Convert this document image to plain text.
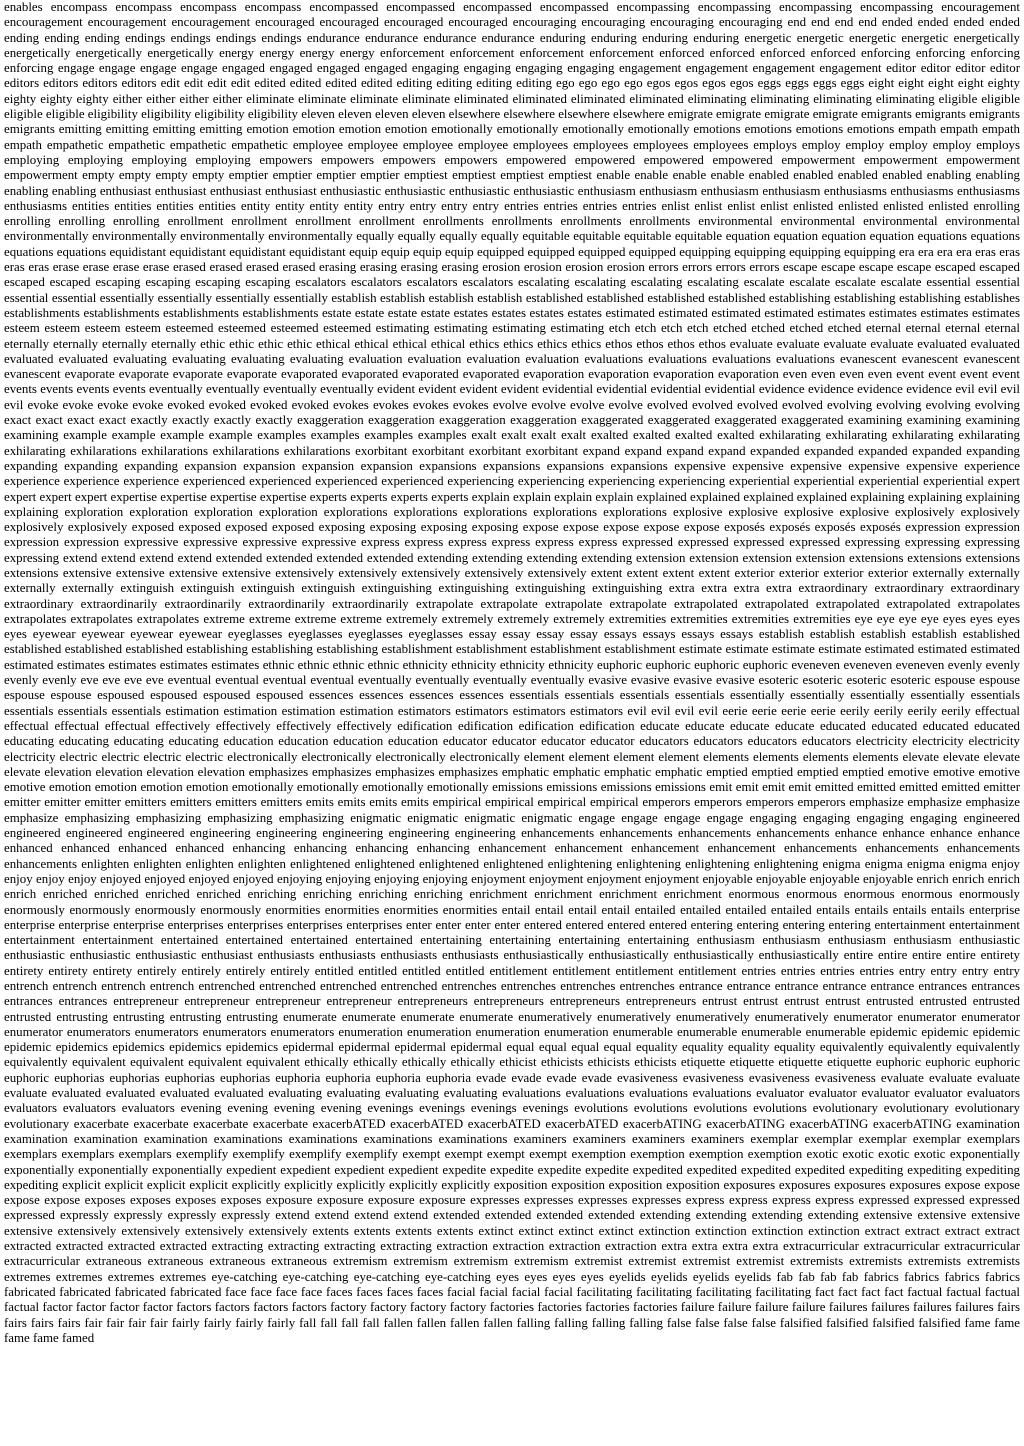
enables encompass encompass encompass encompass encompassed encompassed encompassed encompassed encompassing encompassing encompassing encompassing encouragement encouragement encouragement encouragement encouraged encouraged encouraged encouraged encouraging encouraging encouraging encouraging end end end end ended ended ended ended ending ending ending endings endings endings endings endurance endurance endurance endurance enduring enduring enduring enduring energetic energetic energetic energetic energetically energetically energetically energetically energy energy energy energy enforcement enforcement enforcement enforcement enforced enforced enforced enforced enforcing enforcing enforcing enforcing engage engage engage engage engaged engaged engaged engaged engaging engaging engaging engaging engagement engagement engagement engagement editor editor editor editor editors editors editors editors edit edit edit edit edited edited edited edited editing editing editing editing ego ego ego ego egos egos egos egos eggs eggs eggs eggs eight eight eight eight eighty eighty eighty eighty either either either either eliminate eliminate eliminate eliminate eliminated eliminated eliminated eliminated eliminating eliminating eliminating eliminating eligible eligible eligible eligible eligibility eligibility eligibility eligibility eleven eleven eleven eleven elsewhere elsewhere elsewhere elsewhere emigrate emigrate emigrate emigrate emigrants emigrants emigrants emigrants emitting emitting emitting emitting emotion emotion emotion emotion emotionally emotionally emotionally emotionally emotions emotions emotions emotions empath empath empath empath empathetic empathetic empathetic empathetic employee employee employee employee employees employees employees employees employs employ employ employ employ employs employing employing employing employing empowers empowers empowers empowers empowered empowered empowered empowered empowerment empowerment empowerment empowerment empty empty empty empty emptier emptier emptier emptier emptiest emptiest emptiest emptiest enable enable enable enable enabled enabled enabled enabled enabling enabling enabling enabling enthusiast enthusiast enthusiast enthusiast enthusiastic enthusiastic enthusiastic enthusiastic enthusiasm enthusiasm enthusiasm enthusiasm enthusiasms enthusiasms enthusiasms enthusiasms entities entities entities entities entity entity entity entity entry entry entry entry entries entries entries entries enlist enlist enlist enlist enlisted enlisted enlisted enlisted enrolling enrolling enrolling enrolling enrollment enrollment enrollment enrollment enrollments enrollments enrollments enrollments environmental environmental environmental environmental environmentally environmentally environmentally environmentally equally equally equally equally equitable equitable equitable equitable equation equation equation equation equations equations equations equations equidistant equidistant equidistant equidistant equip equip equip equip equipped equipped equipped equipped equipping equipping equipping equipping era era era era eras eras eras eras erase erase erase erase erased erased erased erased erasing erasing erasing erasing erosion erosion erosion erosion errors errors errors errors escape escape escape escape escaped escaped escaped escaped escaping escaping escaping escaping escalators escalators escalators escalators escalating escalating escalating escalating escalate escalate escalate escalate essential essential essential essential essentially essentially essentially essentially establish establish establish establish established established established established establishing establishing establishing establishes establishments establishments establishments establishments estate estate estate estate estates estates estates estates estimated estimated estimated estimated estimates estimates estimates estimates esteem esteem esteem esteem esteemed esteemed esteemed esteemed estimating estimating estimating estimating etch etch etch etch etched etched etched etched eternal eternal eternal eternal eternally eternally eternally eternally ethic ethic ethic ethic ethical ethical ethical ethical ethics ethics ethics ethics ethos ethos ethos ethos evaluate evaluate evaluate evaluate evaluated evaluated evaluated evaluated evaluating evaluating evaluating evaluating evaluation evaluation evaluation evaluation evaluations evaluations evaluations evaluations evanescent evanescent evanescent evanescent evaporate evaporate evaporate evaporate evaporated evaporated evaporated evaporated evaporation evaporation evaporation evaporation even even even even event event event event events events events events eventually eventually eventually eventually evident evident evident evident evidential evidential evidential evidential evidence evidence evidence evidence evil evil evil evil evoke evoke evoke evoke evoked evoked evoked evoked evokes evokes evokes evokes evolve evolve evolve evolve evolved evolved evolved evolved evolving evolving evolving evolving exact exact exact exact exactly exactly exactly exactly exaggeration exaggeration exaggeration exaggeration exaggerated exaggerated exaggerated exaggerated examining examining examining examining example example example example examples examples examples examples exalt exalt exalt exalt exalted exalted exalted exalted exhilarating exhilarating exhilarating exhilarating exhilarating exhilarations exhilarations exhilarations exhilarations exorbitant exorbitant exorbitant exorbitant expand expand expand expand expanded expanded expanded expanded expanding expanding expanding expanding expansion expansion expansion expansion expansions expansions expansions expansions expensive expensive expensive expensive expensive experience experience experience experience experienced experienced experienced experienced experiencing experiencing experiencing experiencing experiential experiential experiential experiential expert expert expert expert expertise expertise expertise expertise experts experts experts experts explain explain explain explain explained explained explained explained explaining explaining explaining explaining exploration exploration exploration exploration explorations explorations explorations explorations explorations explosive explosive explosive explosive explosively explosively explosively explosively exposed exposed exposed exposed exposing exposing exposing exposing expose expose expose expose expose exposés exposés exposés exposés expression expression expression expression expressive expressive expressive expressive express express express express express express expressed expressed expressed expressed expressing expressing expressing expressing extend extend extend extend extended extended extended extended extending extending extending extending extension extension extension extension extensions extensions extensions extensions extensive extensive extensive extensive extensively extensively extensively extensively extensively extent extent extent extent exterior exterior exterior exterior externally externally externally externally extinguish extinguish extinguish extinguish extinguishing extinguishing extinguishing extinguishing extra extra extra extra extraordinary extraordinary extraordinary extraordinary extraordinarily extraordinarily extraordinarily extraordinarily extrapolate extrapolate extrapolate extrapolate extrapolated extrapolated extrapolated extrapolated extrapolates extrapolates extrapolates extrapolates extreme extreme extreme extreme extremely extremely extremely extremely extremities extremities extremities extremities eye eye eye eye eyes eyes eyes eyes eyewear eyewear eyewear eyewear eyeglasses eyeglasses eyeglasses eyeglasses essay essay essay essay essays essays essays essays establish establish establish establish established established established established establishing establishing establishing establishment establishment establishment establishment estimate estimate estimate estimate estimated estimated estimated estimated estimates estimates estimates estimates ethnic ethnic ethnic ethnic ethnicity ethnicity ethnicity ethnicity euphoric euphoric euphoric euphoric eveneven eveneven eveneven evenly evenly evenly evenly eve eve eve eve eventual eventual eventual eventual eventually eventually eventually eventually evasive evasive evasive evasive esoteric esoteric esoteric esoteric espouse espouse espouse espouse espoused espoused espoused espoused essences essences essences essences essentials essentials essentials essentials essentially essentially essentially essentially essentials essentials essentials essentials estimation estimation estimation estimation estimators estimators estimators estimators evil evil evil evil eerie eerie eerie eerie eerily eerily eerily eerily effectual effectual effectual effectual effectively effectively effectively effectively edification edification edification edification educate educate educate educate educated educated educated educated educating educating educating educating education education education education educator educator educator educator educators educators educators educators electricity electricity electricity electricity electric electric electric electric electronically electronically electronically electronically element element element element elements elements elements elements elevate elevate elevate elevate elevation elevation elevation elevation emphasizes emphasizes emphasizes emphasizes emphatic emphatic emphatic emphatic emptied emptied emptied emptied emotive emotive emotive emotive emotion emotion emotion emotion emotionally emotionally emotionally emotionally emissions emissions emissions emissions emit emit emit emit emitted emitted emitted emitted emitter emitter emitter emitter emitters emitters emitters emitters emits emits emits emits empirical empirical empirical empirical emperors emperors emperors emperors emphasize emphasize emphasize emphasize emphasizing emphasizing emphasizing emphasizing enigmatic enigmatic enigmatic enigmatic engage engage engage engage engaging engaging engaging engaging engineered engineered engineered engineered engineering engineering engineering engineering engineering enhancements enhancements enhancements enhancements enhance enhance enhance enhance enhanced enhanced enhanced enhanced enhancing enhancing enhancing enhancing enhancement enhancement enhancement enhancement enhancements enhancements enhancements enhancements enlighten enlighten enlighten enlighten enlightened enlightened enlightened enlightened enlightening enlightening enlightening enlightening enigma enigma enigma enigma enjoy enjoy enjoy enjoy enjoyed enjoyed enjoyed enjoyed enjoying enjoying enjoying enjoying enjoyment enjoyment enjoyment enjoyment enjoyable enjoyable enjoyable enjoyable enrich enrich enrich enrich enriched enriched enriched enriched enriching enriching enriching enriching enrichment enrichment enrichment enrichment enormous enormous enormous enormous enormously enormously enormously enormously enormously enormities enormities enormities enormities entail entail entail entail entailed entailed entailed entailed entails entails entails entails enterprise enterprise enterprise enterprise enterprises enterprises enterprises enterprises enter enter enter enter entered entered entered entered entering entering entering entering entertainment entertainment entertainment entertainment entertained entertained entertained entertained entertaining entertaining entertaining entertaining enthusiasm enthusiasm enthusiasm enthusiasm enthusiastic enthusiastic enthusiastic enthusiastic enthusiast enthusiasts enthusiasts enthusiasts enthusiasts enthusiastically enthusiastically enthusiastically enthusiastically entire entire entire entire entirety entirety entirety entirety entirely entirely entirely entirely entitled entitled entitled entitled entitlement entitlement entitlement entitlement entries entries entries entries entry entry entry entry entrench entrench entrench entrench entrenched entrenched entrenched entrenched entrenches entrenches entrenches entrenches entrance entrance entrance entrance entrance entrances entrances entrances entrances entrepreneur entrepreneur entrepreneur entrepreneur entrepreneurs entrepreneurs entrepreneurs entrepreneurs entrust entrust entrust entrust entrusted entrusted entrusted entrusted entrusting entrusting entrusting entrusting enumerate enumerate enumerate enumerate enumeratively enumeratively enumeratively enumeratively enumerator enumerator enumerator enumerator enumerators enumerators enumerators enumerators enumeration enumeration enumeration enumeration enumerable enumerable enumerable enumerable epidemic epidemic epidemic epidemic epidemics epidemics epidemics epidemics epidermal epidermal epidermal epidermal equal equal equal equal equality equality equality equality equivalently equivalently equivalently equivalently equivalent equivalent equivalent equivalent ethically ethically ethically ethically ethicist ethicists ethicists ethicists etiquette etiquette etiquette etiquette euphoric euphoric euphoric euphoric euphorias euphorias euphorias euphorias euphoria euphoria euphoria euphoria evade evade evade evade evasiveness evasiveness evasiveness evasiveness evaluate evaluate evaluate evaluate evaluated evaluated evaluated evaluated evaluating evaluating evaluating evaluating evaluations evaluations evaluations evaluations evaluator evaluator evaluator evaluator evaluators evaluators evaluators evaluators evening evening evening evening evenings evenings evenings evenings evolutions evolutions evolutions evolutions evolutionary evolutionary evolutionary evolutionary exacerbate exacerbate exacerbate exacerbate exacerbATED exacerbATED exacerbATED exacerbATED exacerbATING exacerbATING exacerbATING exacerbATING examination examination examination examination examinations examinations examinations examinations examiners examiners examiners examiners exemplar exemplar exemplar exemplar exemplars exemplars exemplars exemplars exemplify exemplify exemplify exemplify exempt exempt exempt exempt exemption exemption exemption exemption exotic exotic exotic exotic exponentially exponentially exponentially exponentially expedient expedient expedient expedient expedite expedite expedite expedite expedited expedited expedited expedited expediting expediting expediting expediting explicit explicit explicit explicit explicitly explicitly explicitly explicitly explicitly exposition exposition exposition exposition exposures exposures exposures exposures expose expose expose expose exposes exposes exposes exposes exposure exposure exposure exposure expresses expresses expresses expresses express express express express expressed expressed expressed expressed expressly expressly expressly expressly extend extend extend extend extended extended extended extended extending extending extending extending extensive extensive extensive extensive extensively extensively extensively extensively extents extents extents extents extinct extinct extinct extinct extinction extinction extinction extinction extract extract extract extract extracted extracted extracted extracted extracting extracting extracting extracting extraction extraction extraction extraction extra extra extra extra extracurricular extracurricular extracurricular extracurricular extraneous extraneous extraneous extraneous extremism extremism extremism extremism extremist extremist extremist extremist extremists extremists extremists extremists extremes extremes extremes extremes eye-catching eye-catching eye-catching eye-catching eyes eyes eyes eyes eyelids eyelids eyelids eyelids fab fab fab fab fabrics fabrics fabrics fabrics fabricated fabricated fabricated fabricated face face face face faces faces faces faces facial facial facial facial facilitating facilitating facilitating facilitating fact fact fact fact factual factual factual factual factor factor factor factor factors factors factors factors factory factory factory factory factories factories factories factories failure failure failure failure failures failures failures failures fairs fairs fairs fairs fair fair fair fair fairly fairly fairly fairly fall fall fall fall fallen fallen fallen fallen falling falling falling falling false false false false falsified falsified falsified falsified fame fame fame fame famed
